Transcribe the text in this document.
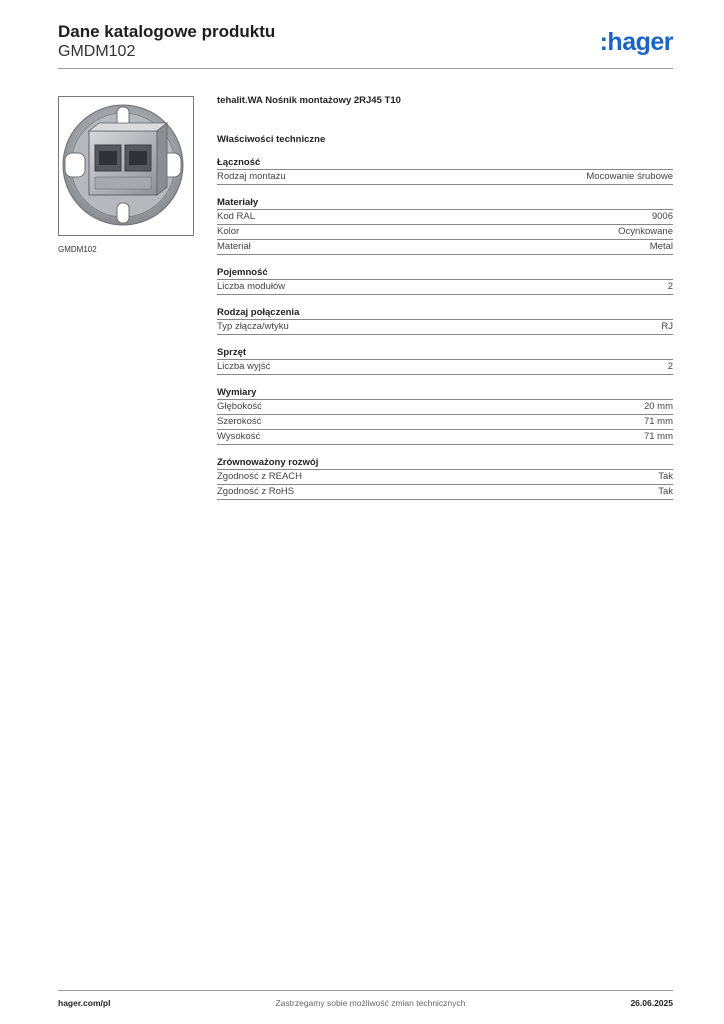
Dane katalogowe produktu
GMDM102	:hager
GMDM102
tehalit.WA Nośnik montażowy 2RJ45 T10
Właściwości techniczne
Łączność
Rodzaj montażu	Mocowanie śrubowe
Materiały
Kod RAL	9006
Kolor	Ocynkowane
Materiał	Metal
Pojemność
Liczba modułów	2
Rodzaj połączenia
Typ złącza/wtyku	RJ
Sprzęt
Liczba wyjść	2
Wymiary
Głębokość	20 mm
Szerokość	71 mm
Wysokość	71 mm
Zrównoważony rozwój
Zgodność z REACH	Tak
Zgodność z RoHS	Tak
hager.com/pl	Zastrzegamy sobie możliwość zmian technicznych	26.06.2025
